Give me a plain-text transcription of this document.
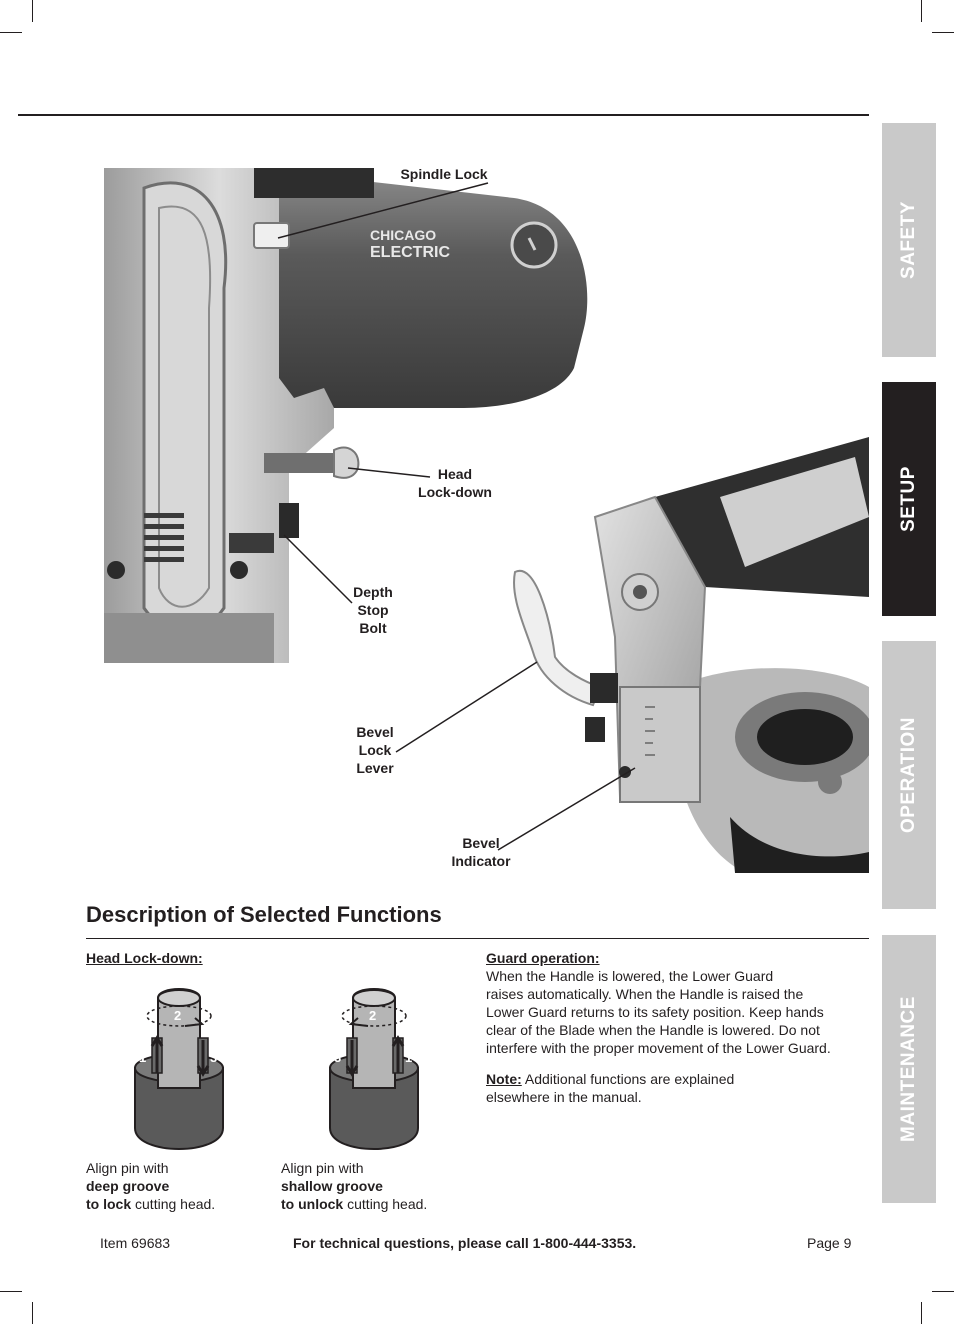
SAFETY
SETUP
OPERATION
MAINTENANCE
CHICAGO
ELECTRIC
Spindle Lock
Head
Lock-down
Depth
Stop
Bolt
Bevel
Lock
Lever
Bevel
Indicator
Description of Selected Functions
Head Lock-down:
2
1	3
2
3	1
Align pin with
deep groove
to lock cutting head.
Align pin with
shallow groove
to unlock cutting head.
Guard operation:
When the Handle is lowered, the Lower Guard
raises automatically. When the Handle is raised the
Lower Guard returns to its safety position. Keep hands
clear of the Blade when the Handle is lowered. Do not
interfere with the proper movement of the Lower Guard.
Note: Additional functions are explained
elsewhere in the manual.
Item 69683	For technical questions, please call 1-800-444-3353.	Page 9
